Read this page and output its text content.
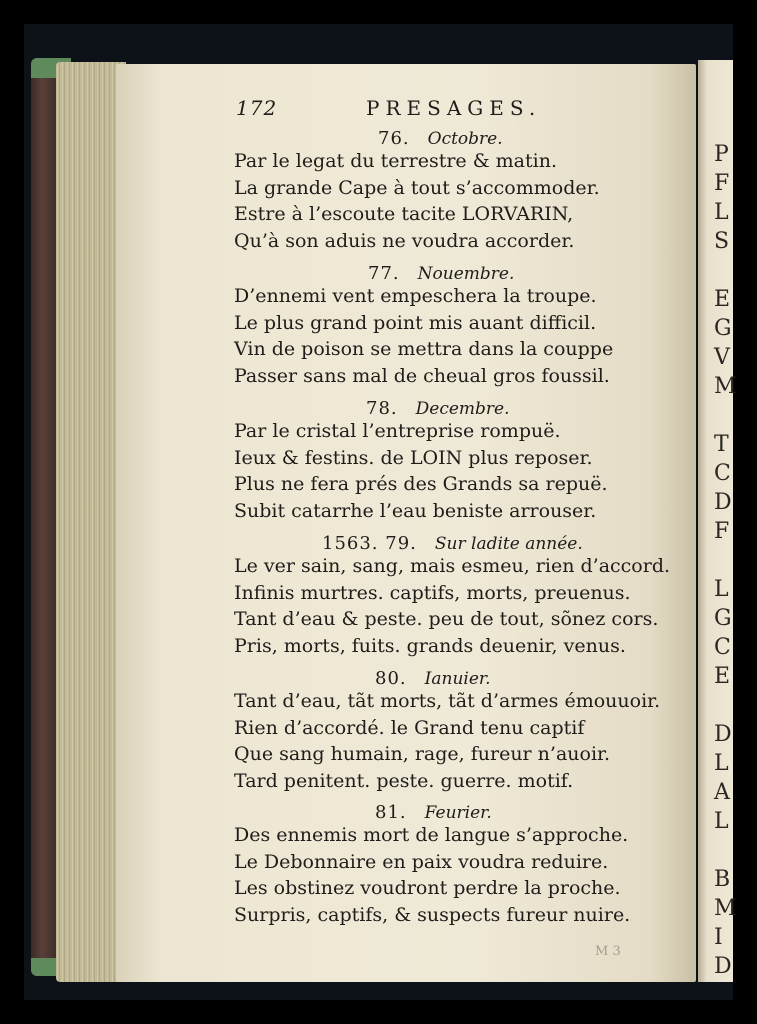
P
F
L
S
E
G
V
M
T
C
D
F
L
G
C
E
D
L
A
L
B
M
I
D
172	PRESAGES.
76. Octobre.
Par le legat du terrestre & matin.
La grande Cape à tout s’accommoder.
Estre à l’escoute tacite LORVARIN,
Qu’à son aduis ne voudra accorder.
77. Nouembre.
D’ennemi vent empeschera la troupe.
Le plus grand point mis auant difficil.
Vin de poison se mettra dans la couppe
Passer sans mal de cheual gros foussil.
78. Decembre.
Par le cristal l’entreprise rompuë.
Ieux & festins. de LOIN plus reposer.
Plus ne fera prés des Grands sa repuë.
Subit catarrhe l’eau beniste arrouser.
1563. 79. Sur ladite année.
Le ver sain, sang, mais esmeu, rien d’accord.
Infinis murtres. captifs, morts, preuenus.
Tant d’eau & peste. peu de tout, sõnez cors.
Pris, morts, fuits. grands deuenir, venus.
80. Ianuier.
Tant d’eau, tãt morts, tãt d’armes émouuoir.
Rien d’accordé. le Grand tenu captif
Que sang humain, rage, fureur n’auoir.
Tard penitent. peste. guerre. motif.
81. Feurier.
Des ennemis mort de langue s’approche.
Le Debonnaire en paix voudra reduire.
Les obstinez voudront perdre la proche.
Surpris, captifs, & suspects fureur nuire.
M 3
